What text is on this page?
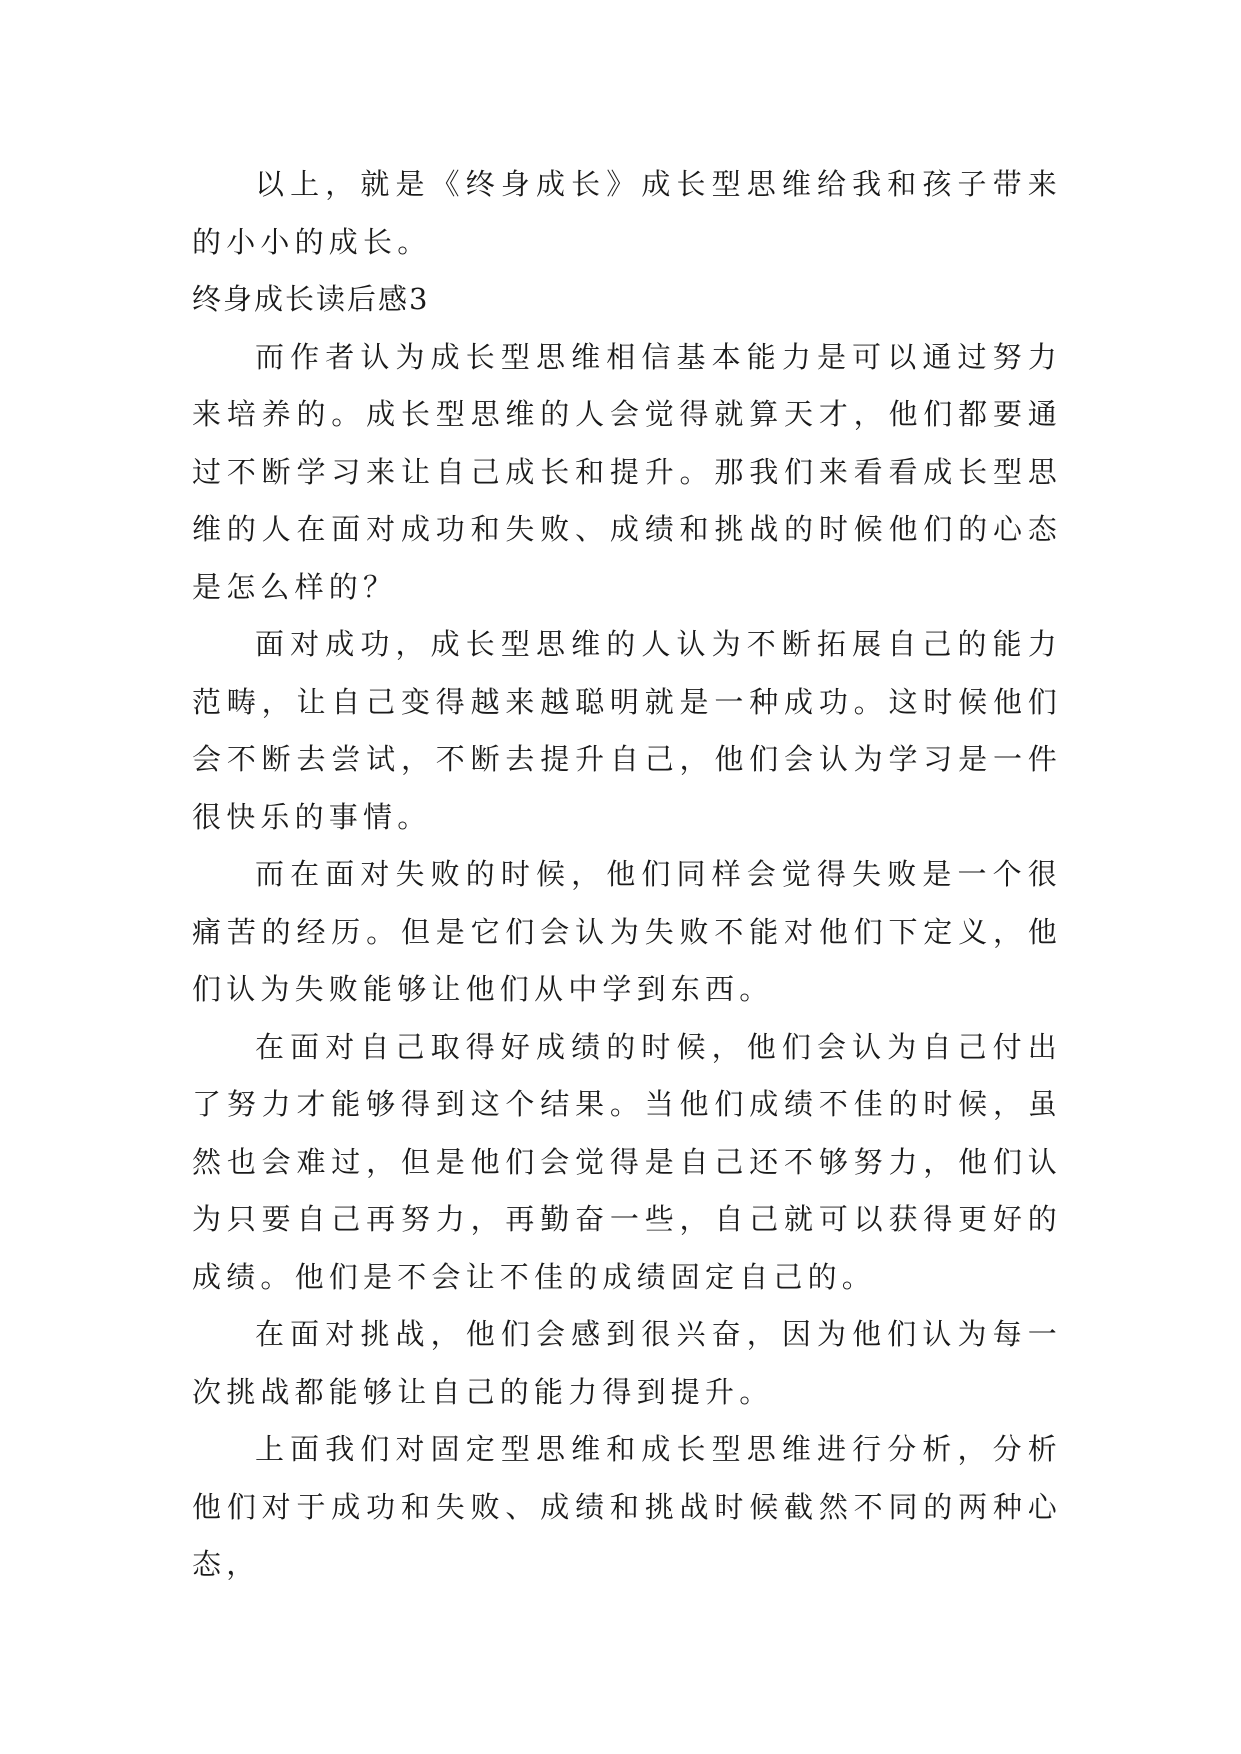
以上，就是《终身成长》成长型思维给我和孩子带来的小小的成长。

终身成长读后感3

而作者认为成长型思维相信基本能力是可以通过努力来培养的。成长型思维的人会觉得就算天才，他们都要通过不断学习来让自己成长和提升。那我们来看看成长型思维的人在面对成功和失败、成绩和挑战的时候他们的心态是怎么样的？

面对成功，成长型思维的人认为不断拓展自己的能力范畴，让自己变得越来越聪明就是一种成功。这时候他们会不断去尝试，不断去提升自己，他们会认为学习是一件很快乐的事情。

而在面对失败的时候，他们同样会觉得失败是一个很痛苦的经历。但是它们会认为失败不能对他们下定义，他们认为失败能够让他们从中学到东西。

在面对自己取得好成绩的时候，他们会认为自己付出了努力才能够得到这个结果。当他们成绩不佳的时候，虽然也会难过，但是他们会觉得是自己还不够努力，他们认为只要自己再努力，再勤奋一些，自己就可以获得更好的成绩。他们是不会让不佳的成绩固定自己的。

在面对挑战，他们会感到很兴奋，因为他们认为每一次挑战都能够让自己的能力得到提升。

上面我们对固定型思维和成长型思维进行分析，分析他们对于成功和失败、成绩和挑战时候截然不同的两种心态，
